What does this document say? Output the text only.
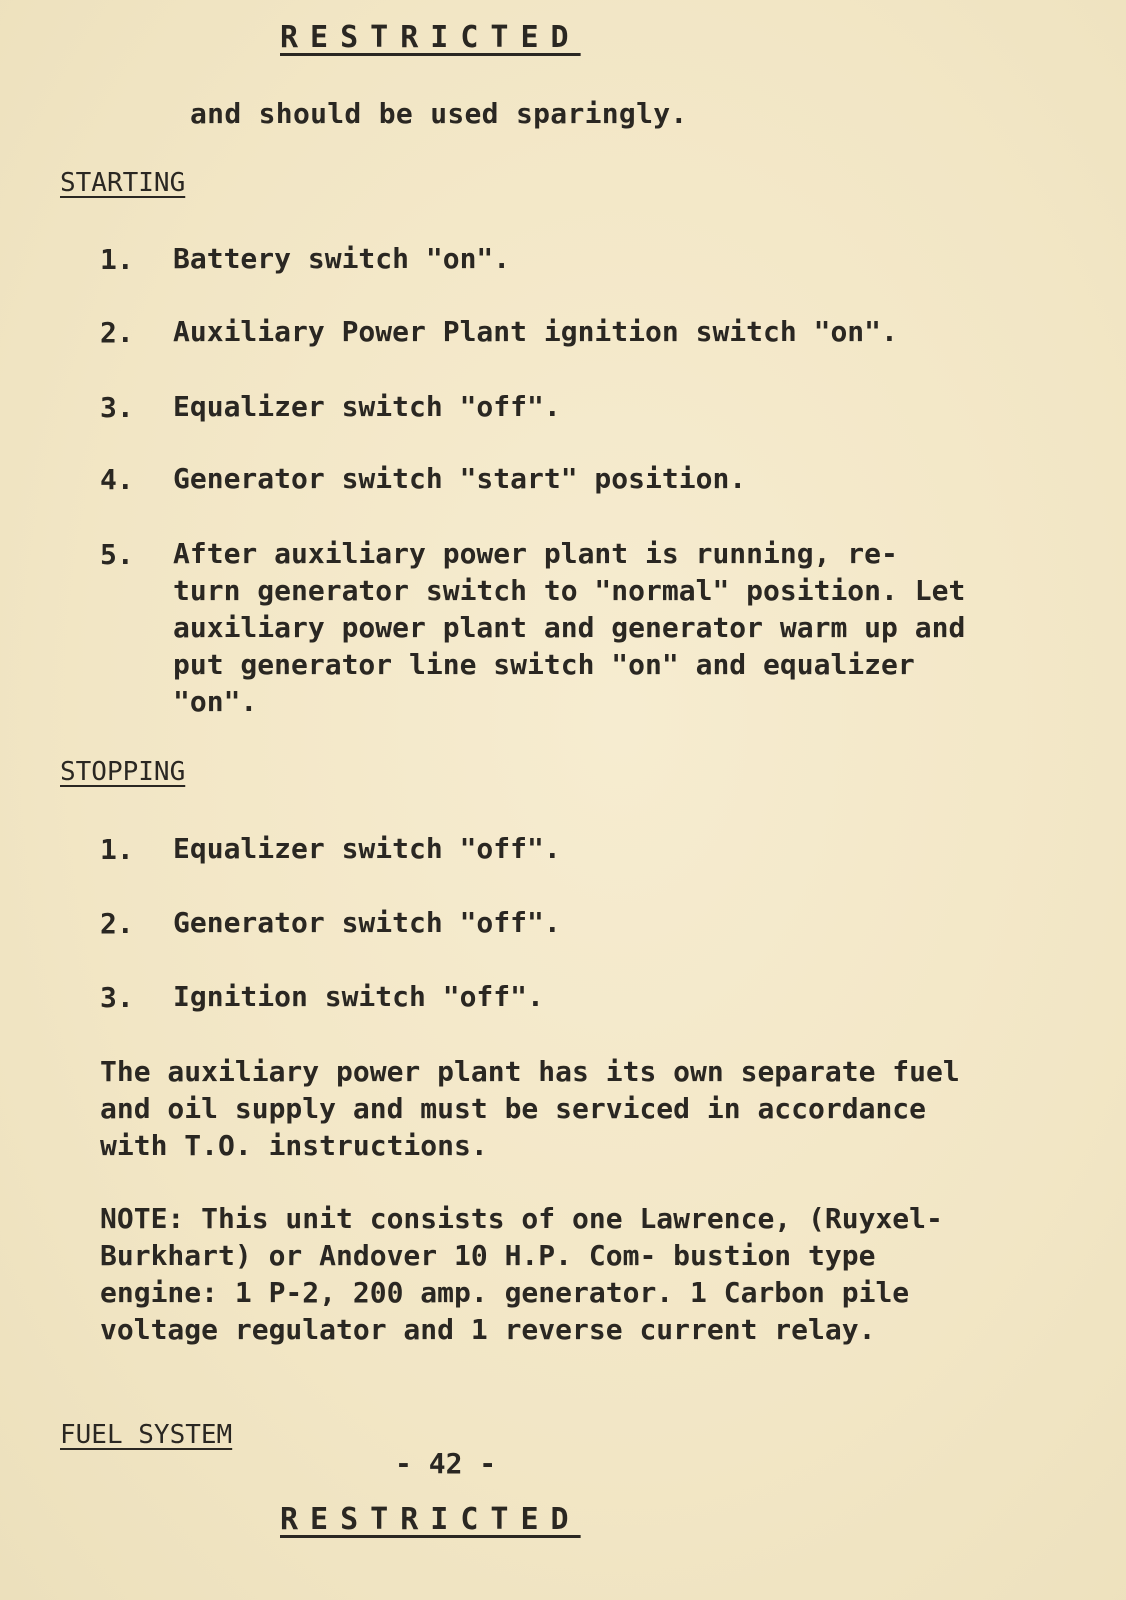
RESTRICTED
and should be used sparingly.
STARTING
1. Battery switch "on".
2. Auxiliary Power Plant ignition switch "on".
3. Equalizer switch "off".
4. Generator switch "start" position.
5. After auxiliary power plant is running, re- turn generator switch to "normal" position. Let auxiliary power plant and generator warm up and put generator line switch "on" and equalizer "on".
STOPPING
1. Equalizer switch "off".
2. Generator switch "off".
3. Ignition switch "off".
The auxiliary power plant has its own separate fuel and oil supply and must be serviced in accordance with T.O. instructions.
NOTE: This unit consists of one Lawrence, (Ruyxel-Burkhart) or Andover 10 H.P. Com- bustion type engine: 1 P-2, 200 amp. generator. 1 Carbon pile voltage regulator and 1 reverse current relay.
FUEL SYSTEM
- 42 -
RESTRICTED
